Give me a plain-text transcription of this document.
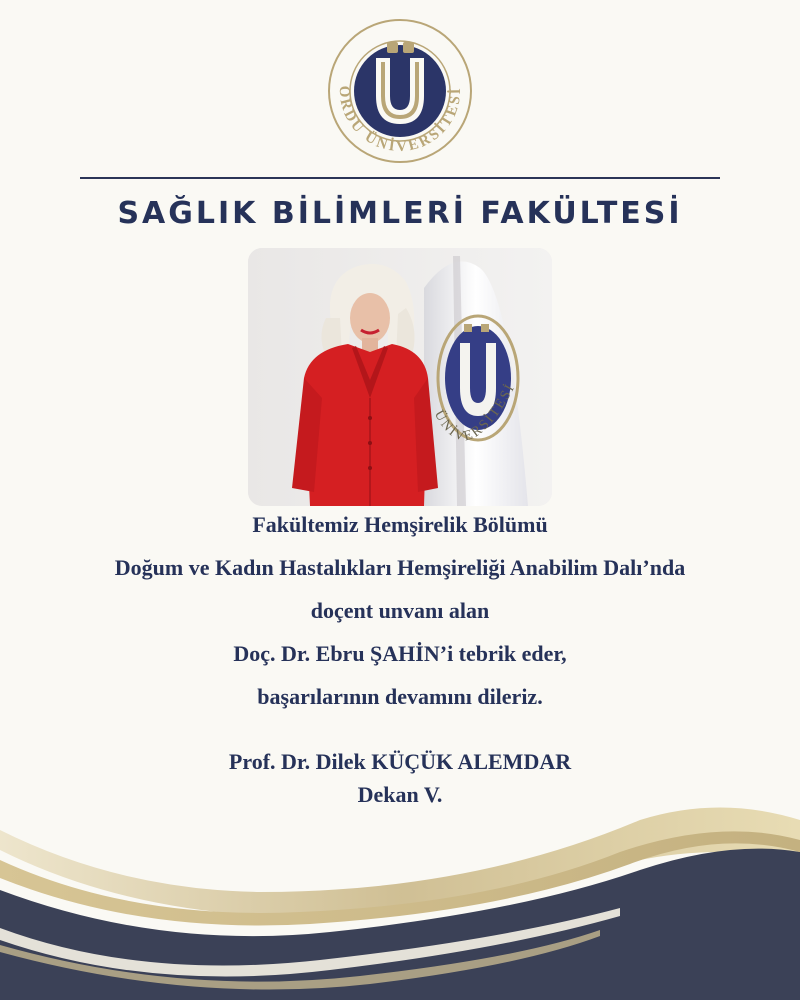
ORDU ÜNİVERSİTESİ
SAĞLIK BİLİMLERİ FAKÜLTESİ
ÜNİVERSİTESİ
Fakültemiz Hemşirelik Bölümü
Doğum ve Kadın Hastalıkları Hemşireliği Anabilim Dalı’nda
doçent unvanı alan
Doç. Dr. Ebru ŞAHİN’i tebrik eder,
başarılarının devamını dileriz.
Prof. Dr. Dilek KÜÇÜK ALEMDAR
Dekan V.
